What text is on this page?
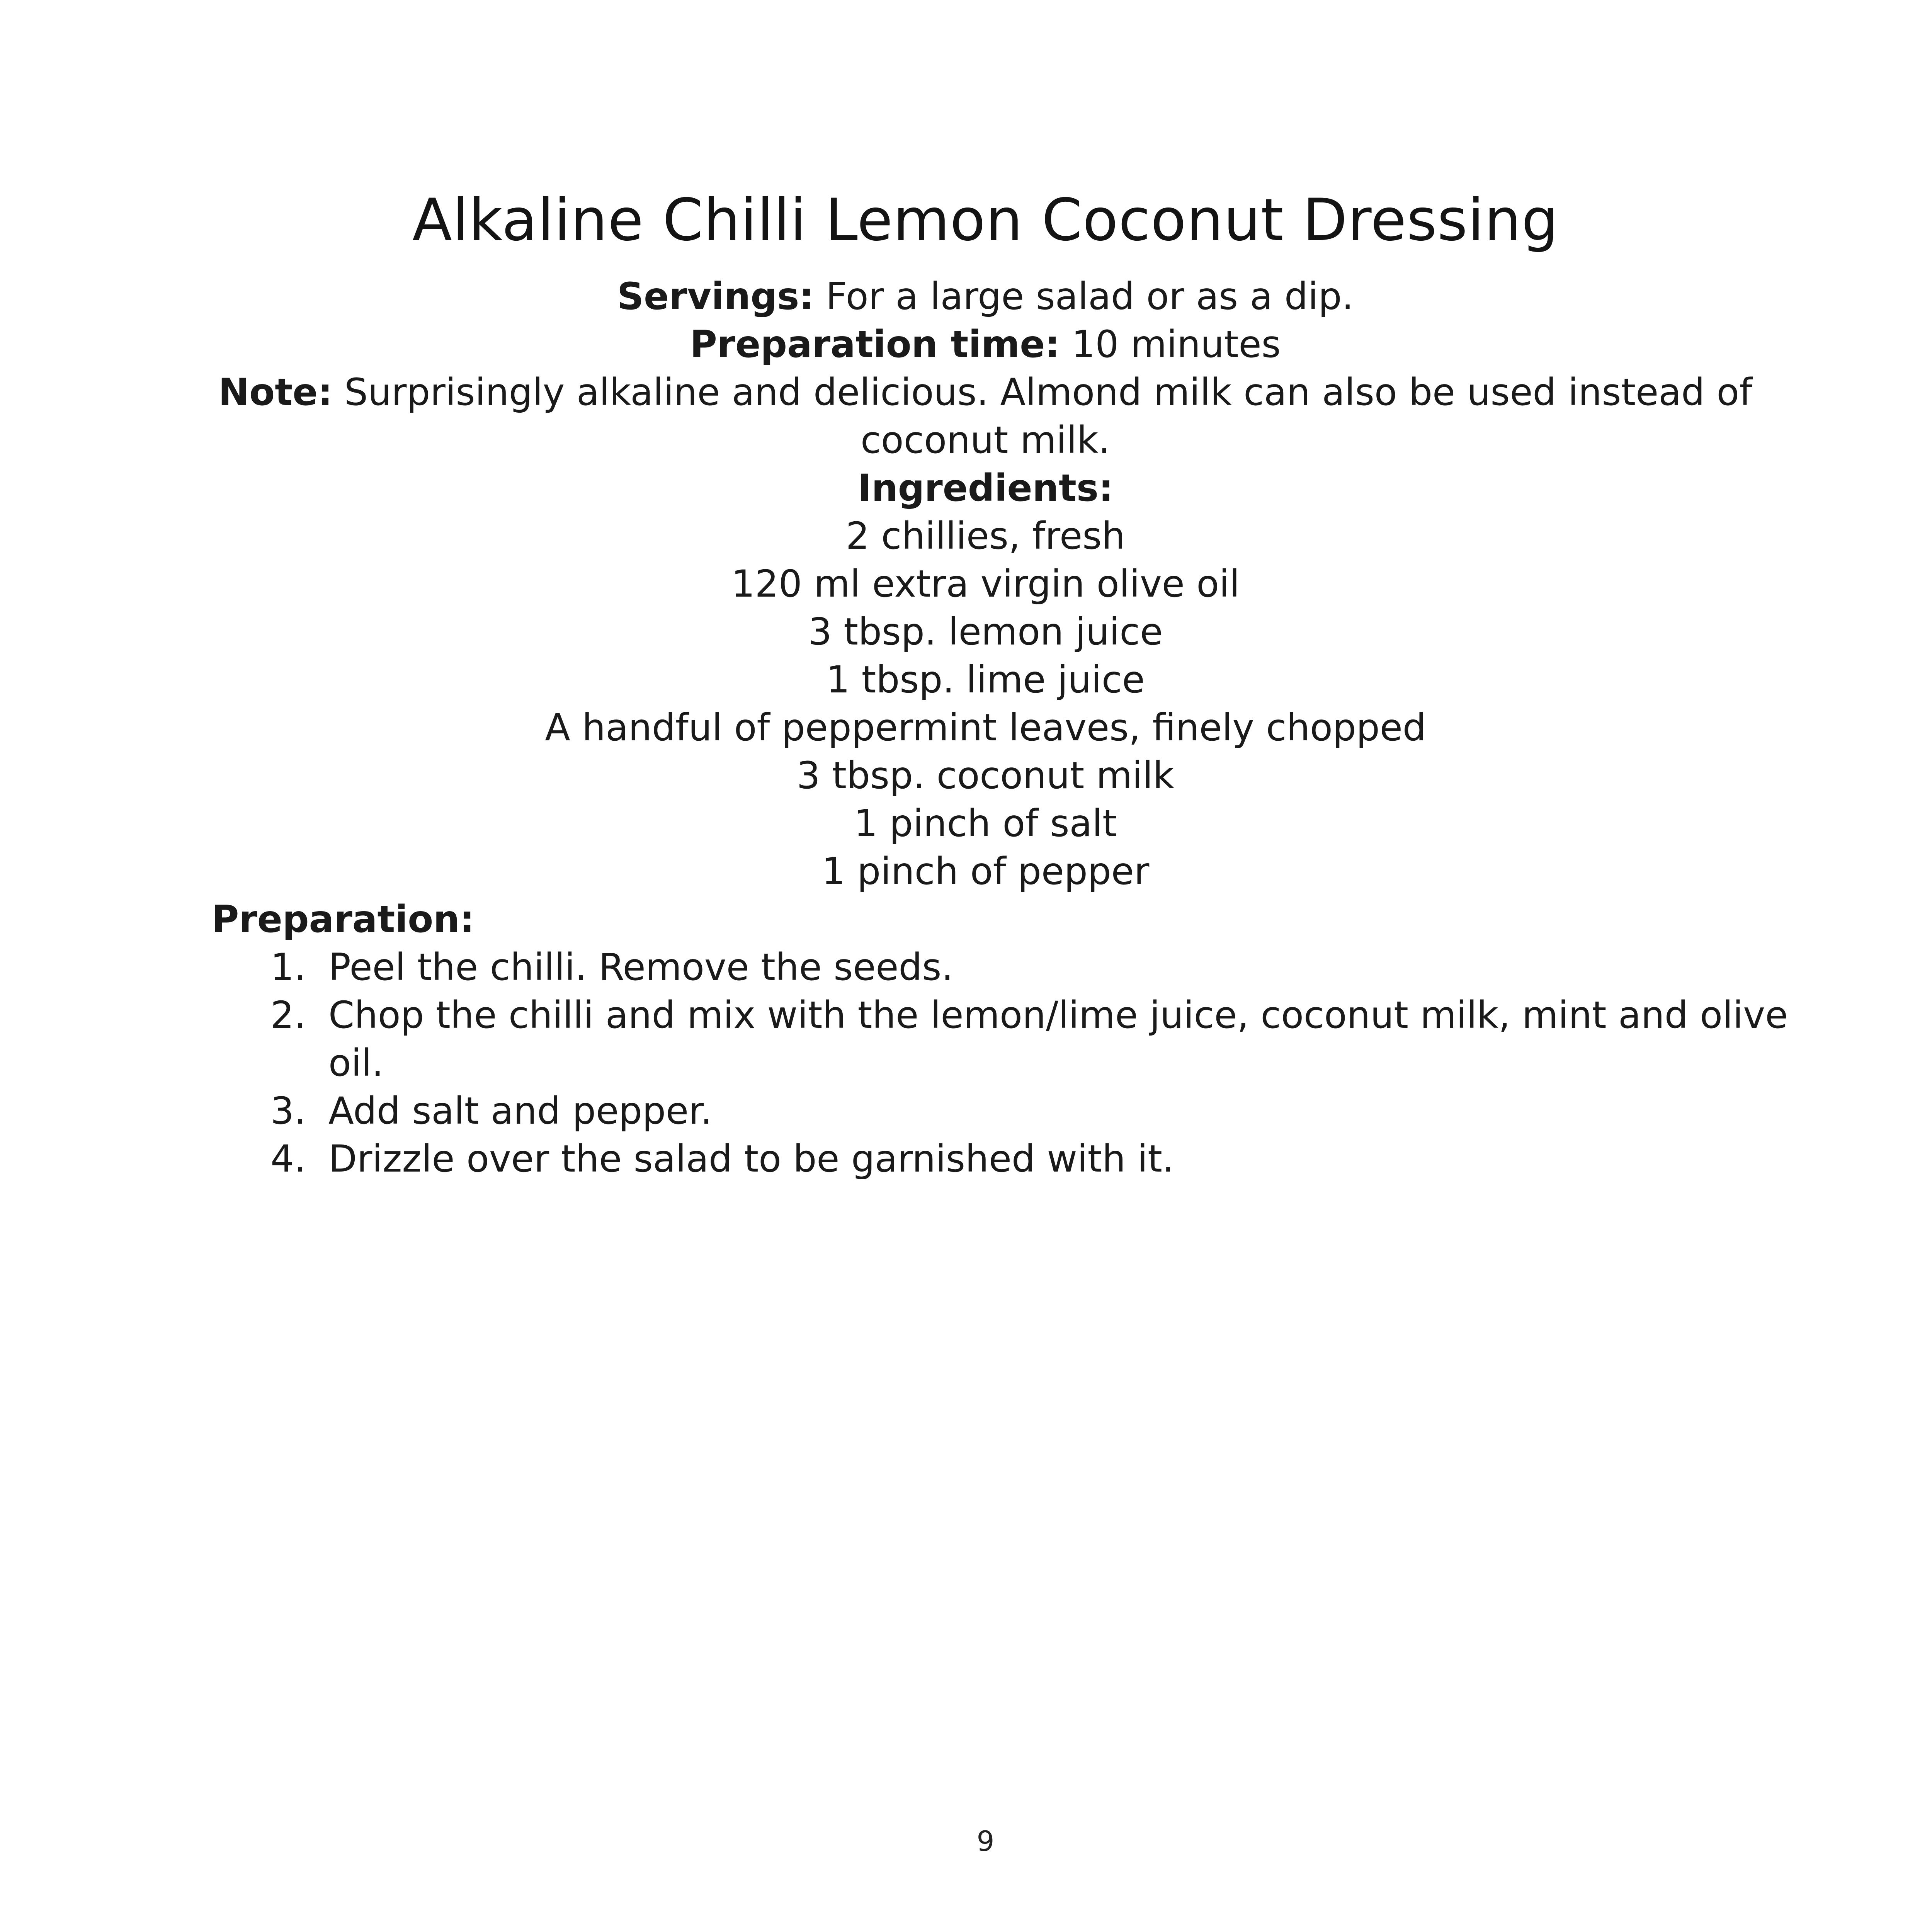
Alkaline Chilli Lemon Coconut Dressing
Servings: For a large salad or as a dip.
Preparation time: 10 minutes
Note: Surprisingly alkaline and delicious. Almond milk can also be used instead of coconut milk.
Ingredients:
2 chillies, fresh
120 ml extra virgin olive oil
3 tbsp. lemon juice
1 tbsp. lime juice
A handful of peppermint leaves, finely chopped
3 tbsp. coconut milk
1 pinch of salt
1 pinch of pepper
Preparation:
1. Peel the chilli. Remove the seeds.
2. Chop the chilli and mix with the lemon/lime juice, coconut milk, mint and olive oil.
3. Add salt and pepper.
4. Drizzle over the salad to be garnished with it.
9
